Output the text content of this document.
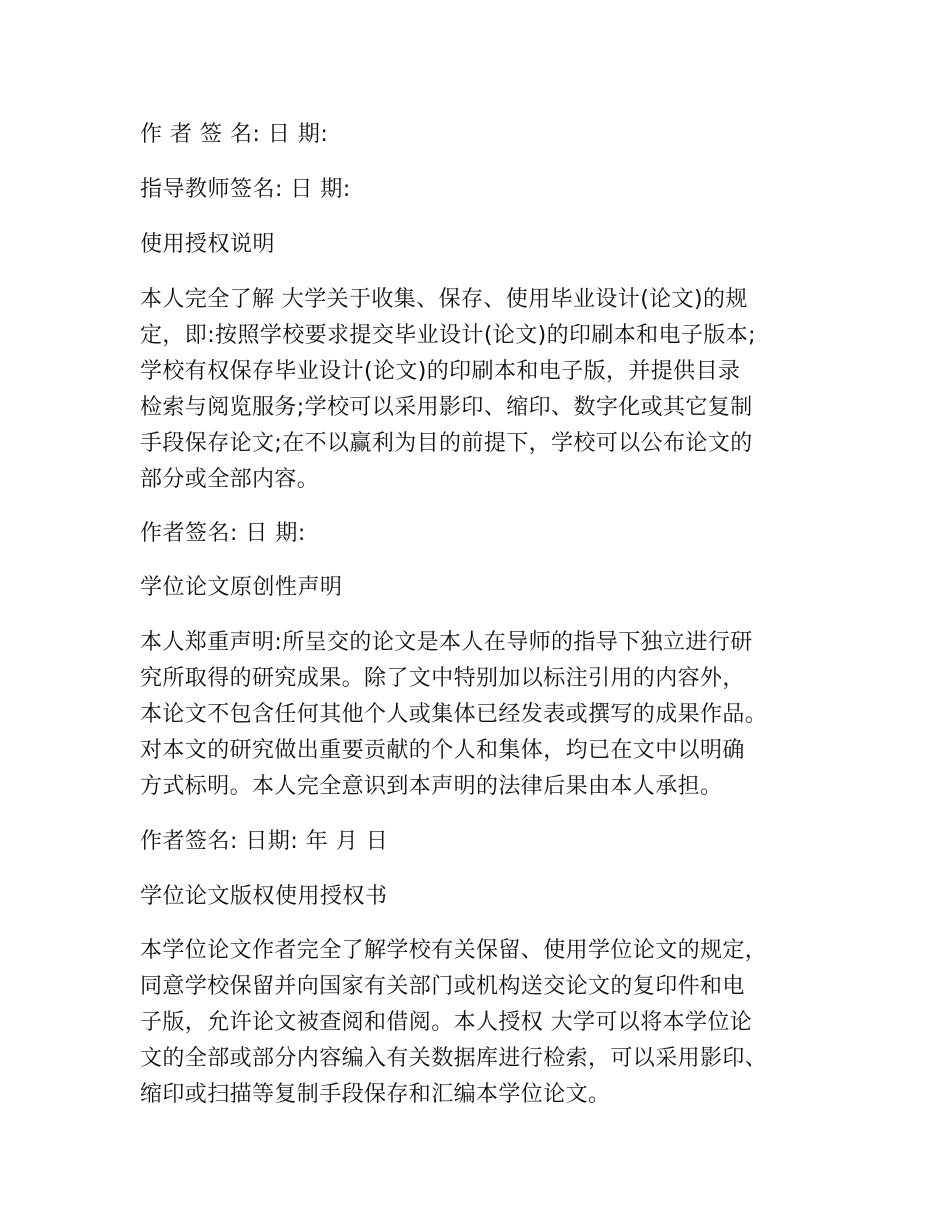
作 者 签 名: 日 期:
指导教师签名: 日 期:
使用授权说明
本人完全了解 大学关于收集、保存、使用毕业设计(论文)的规
定，即:按照学校要求提交毕业设计(论文)的印刷本和电子版本;
学校有权保存毕业设计(论文)的印刷本和电子版，并提供目录
检索与阅览服务;学校可以采用影印、缩印、数字化或其它复制
手段保存论文;在不以赢利为目的前提下，学校可以公布论文的
部分或全部内容。
作者签名: 日 期:
学位论文原创性声明
本人郑重声明:所呈交的论文是本人在导师的指导下独立进行研
究所取得的研究成果。除了文中特别加以标注引用的内容外，
本论文不包含任何其他个人或集体已经发表或撰写的成果作品。
对本文的研究做出重要贡献的个人和集体，均已在文中以明确
方式标明。本人完全意识到本声明的法律后果由本人承担。
作者签名: 日期: 年 月 日
学位论文版权使用授权书
本学位论文作者完全了解学校有关保留、使用学位论文的规定，
同意学校保留并向国家有关部门或机构送交论文的复印件和电
子版，允许论文被查阅和借阅。本人授权 大学可以将本学位论
文的全部或部分内容编入有关数据库进行检索，可以采用影印、
缩印或扫描等复制手段保存和汇编本学位论文。
